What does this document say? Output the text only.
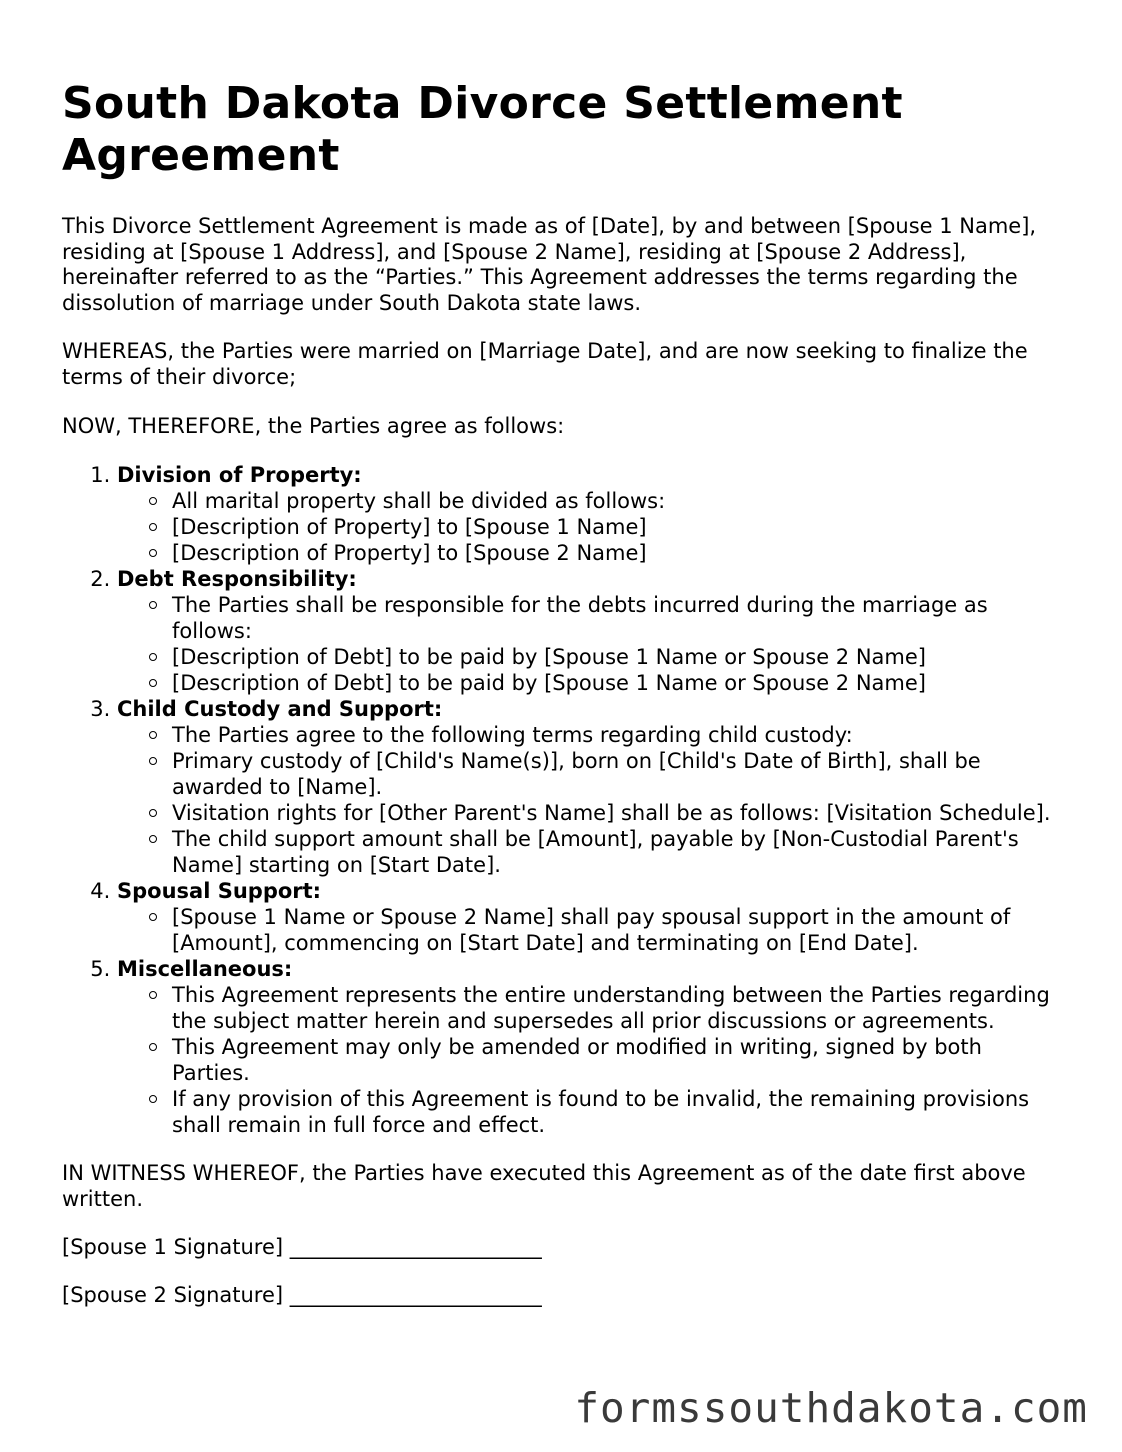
South Dakota Divorce Settlement Agreement

This Divorce Settlement Agreement is made as of [Date], by and between [Spouse 1 Name], residing at [Spouse 1 Address], and [Spouse 2 Name], residing at [Spouse 2 Address], hereinafter referred to as the “Parties.” This Agreement addresses the terms regarding the dissolution of marriage under South Dakota state laws.

WHEREAS, the Parties were married on [Marriage Date], and are now seeking to finalize the terms of their divorce;

NOW, THEREFORE, the Parties agree as follows:

1. Division of Property:
All marital property shall be divided as follows:
[Description of Property] to [Spouse 1 Name]
[Description of Property] to [Spouse 2 Name]
2. Debt Responsibility:
The Parties shall be responsible for the debts incurred during the marriage as follows:
[Description of Debt] to be paid by [Spouse 1 Name or Spouse 2 Name]
[Description of Debt] to be paid by [Spouse 1 Name or Spouse 2 Name]
3. Child Custody and Support:
The Parties agree to the following terms regarding child custody:
Primary custody of [Child's Name(s)], born on [Child's Date of Birth], shall be awarded to [Name].
Visitation rights for [Other Parent's Name] shall be as follows: [Visitation Schedule].
The child support amount shall be [Amount], payable by [Non-Custodial Parent's Name] starting on [Start Date].
4. Spousal Support:
[Spouse 1 Name or Spouse 2 Name] shall pay spousal support in the amount of [Amount], commencing on [Start Date] and terminating on [End Date].
5. Miscellaneous:
This Agreement represents the entire understanding between the Parties regarding the subject matter herein and supersedes all prior discussions or agreements.
This Agreement may only be amended or modified in writing, signed by both Parties.
If any provision of this Agreement is found to be invalid, the remaining provisions shall remain in full force and effect.

IN WITNESS WHEREOF, the Parties have executed this Agreement as of the date first above written.

[Spouse 1 Signature] ________________________

[Spouse 2 Signature] ________________________

formssouthdakota.com
